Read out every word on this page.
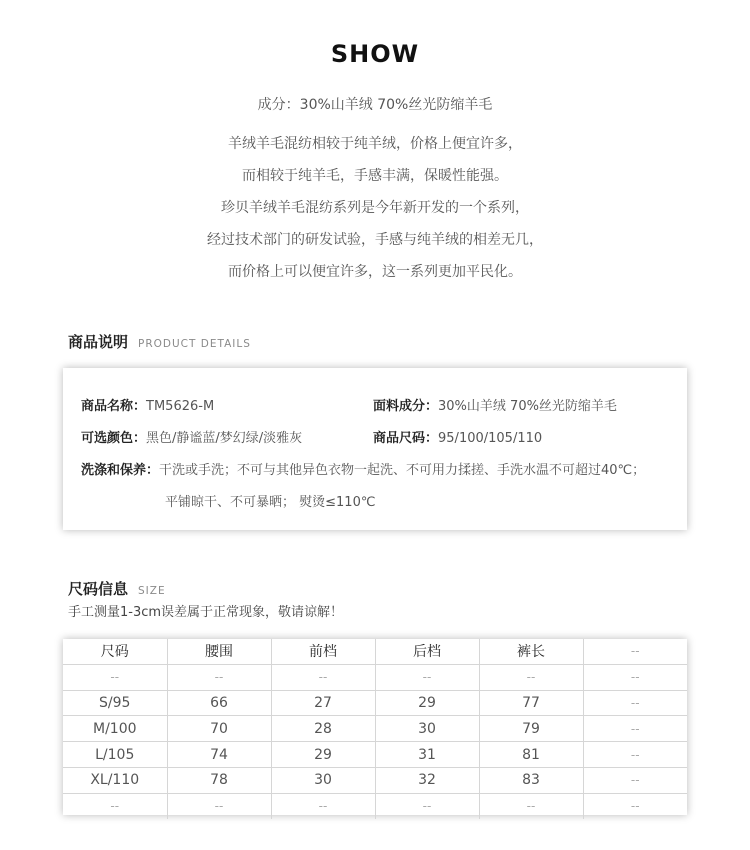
SHOW
成分：30%山羊绒 70%丝光防缩羊毛
羊绒羊毛混纺相较于纯羊绒，价格上便宜许多，
而相较于纯羊毛，手感丰满，保暖性能强。
珍贝羊绒羊毛混纺系列是今年新开发的一个系列，
经过技术部门的研发试验，手感与纯羊绒的相差无几，
而价格上可以便宜许多，这一系列更加平民化。
商品说明 PRODUCT DETAILS
商品名称：TM5626-M	面料成分：30%山羊绒 70%丝光防缩羊毛
可选颜色：黑色/静谧蓝/梦幻绿/淡雅灰	商品尺码：95/100/105/110
洗涤和保养：干洗或手洗；不可与其他异色衣物一起洗、不可用力揉搓、手洗水温不可超过40℃；
平铺晾干、不可暴晒； 熨烫≤110℃
尺码信息 SIZE
手工测量1-3cm误差属于正常现象，敬请谅解！
尺码	腰围	前档	后档	裤长	--
--	--	--	--	--	--
S/95	66	27	29	77	--
M/100	70	28	30	79	--
L/105	74	29	31	81	--
XL/110	78	30	32	83	--
--	--	--	--	--	--
